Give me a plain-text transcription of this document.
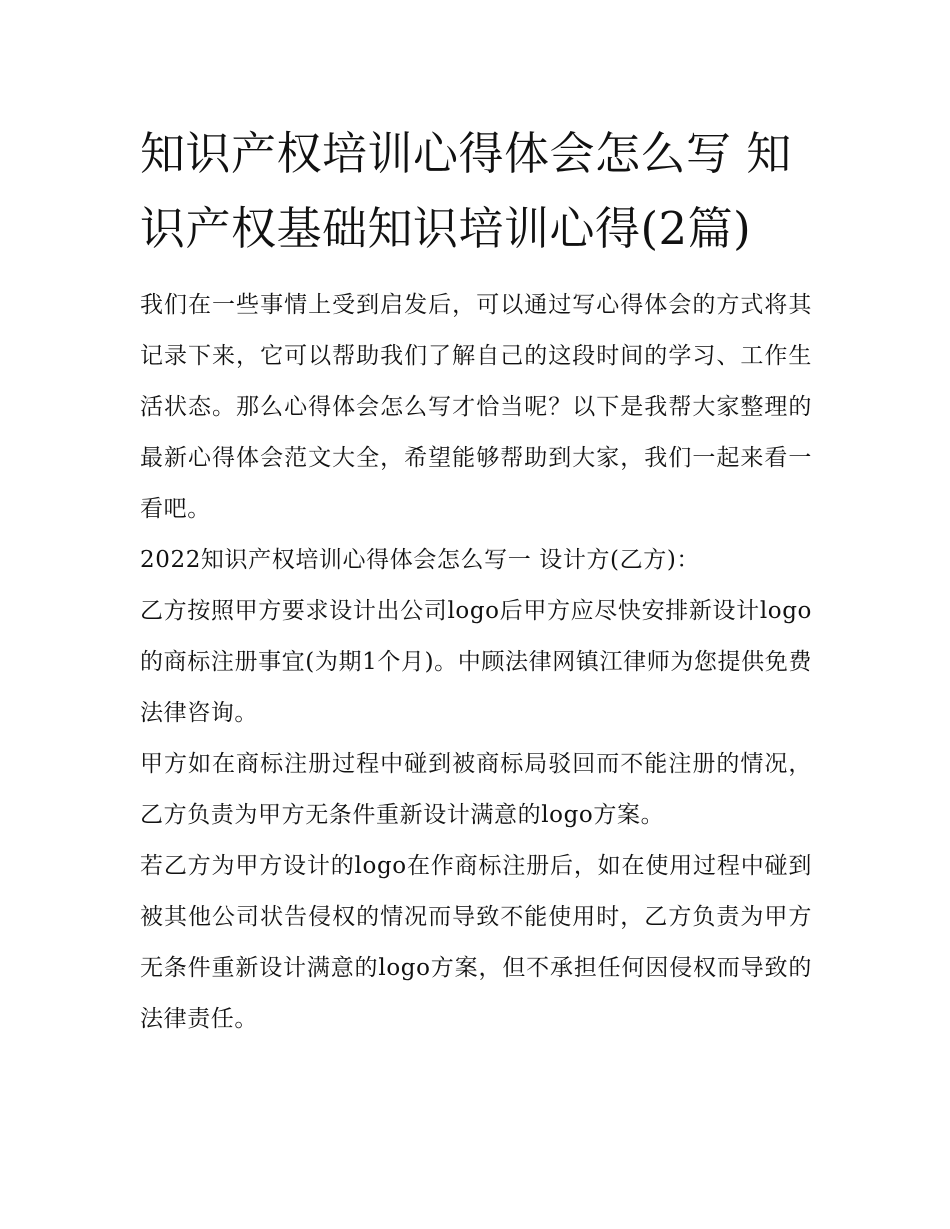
知识产权培训心得体会怎么写 知识产权基础知识培训心得(2篇)

我们在一些事情上受到启发后，可以通过写心得体会的方式将其记录下来，它可以帮助我们了解自己的这段时间的学习、工作生活状态。那么心得体会怎么写才恰当呢？以下是我帮大家整理的最新心得体会范文大全，希望能够帮助到大家，我们一起来看一看吧。

2022知识产权培训心得体会怎么写一 设计方(乙方)：

乙方按照甲方要求设计出公司logo后甲方应尽快安排新设计logo的商标注册事宜(为期1个月)。中顾法律网镇江律师为您提供免费法律咨询。

甲方如在商标注册过程中碰到被商标局驳回而不能注册的情况，乙方负责为甲方无条件重新设计满意的logo方案。

若乙方为甲方设计的logo在作商标注册后，如在使用过程中碰到被其他公司状告侵权的情况而导致不能使用时，乙方负责为甲方无条件重新设计满意的logo方案，但不承担任何因侵权而导致的法律责任。
